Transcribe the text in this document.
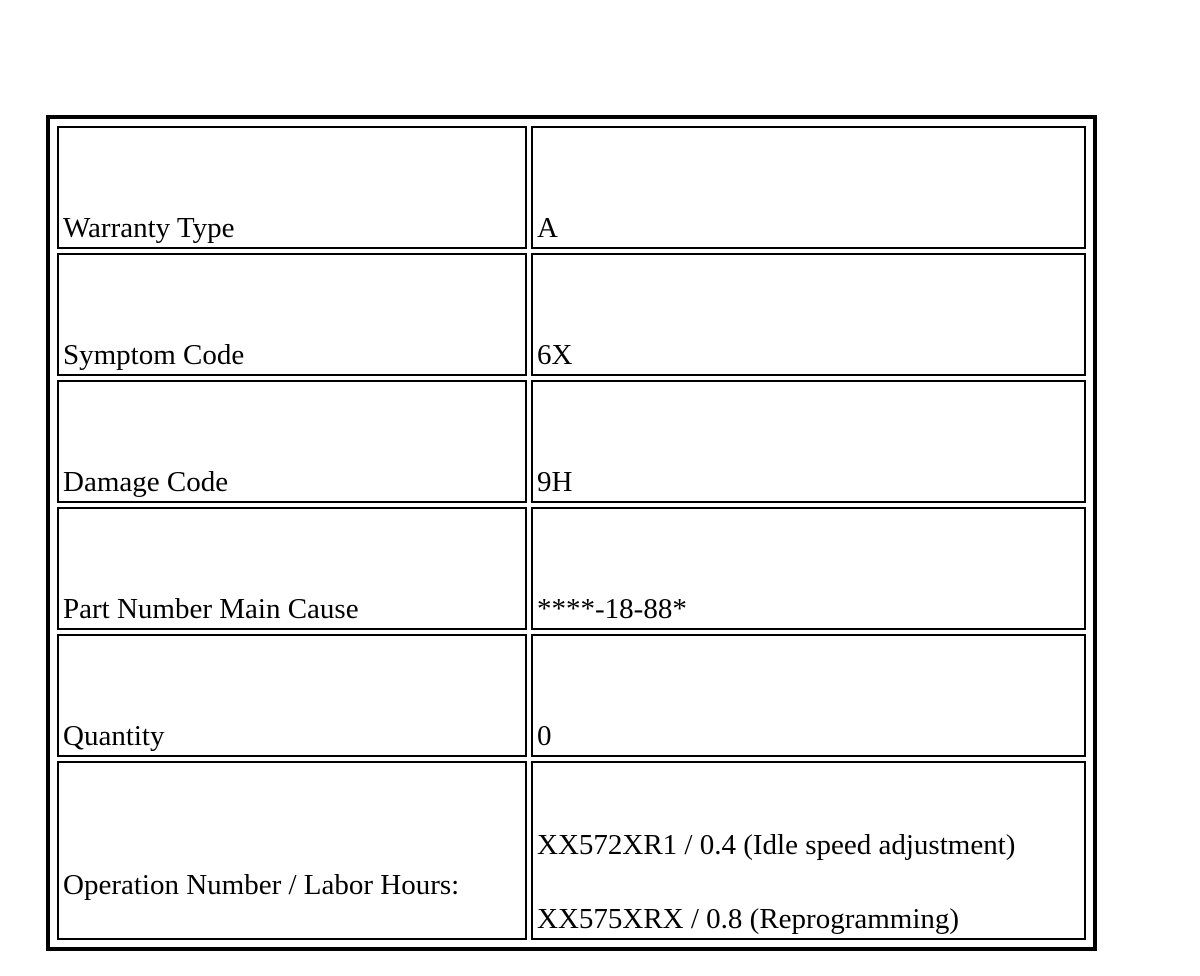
Warranty Type	A
Symptom Code	6X
Damage Code	9H
Part Number Main Cause	****-18-88*
Quantity	0
Operation Number / Labor Hours:	XX572XR1 / 0.4 (Idle speed adjustment)
XX575XRX / 0.8 (Reprogramming)
